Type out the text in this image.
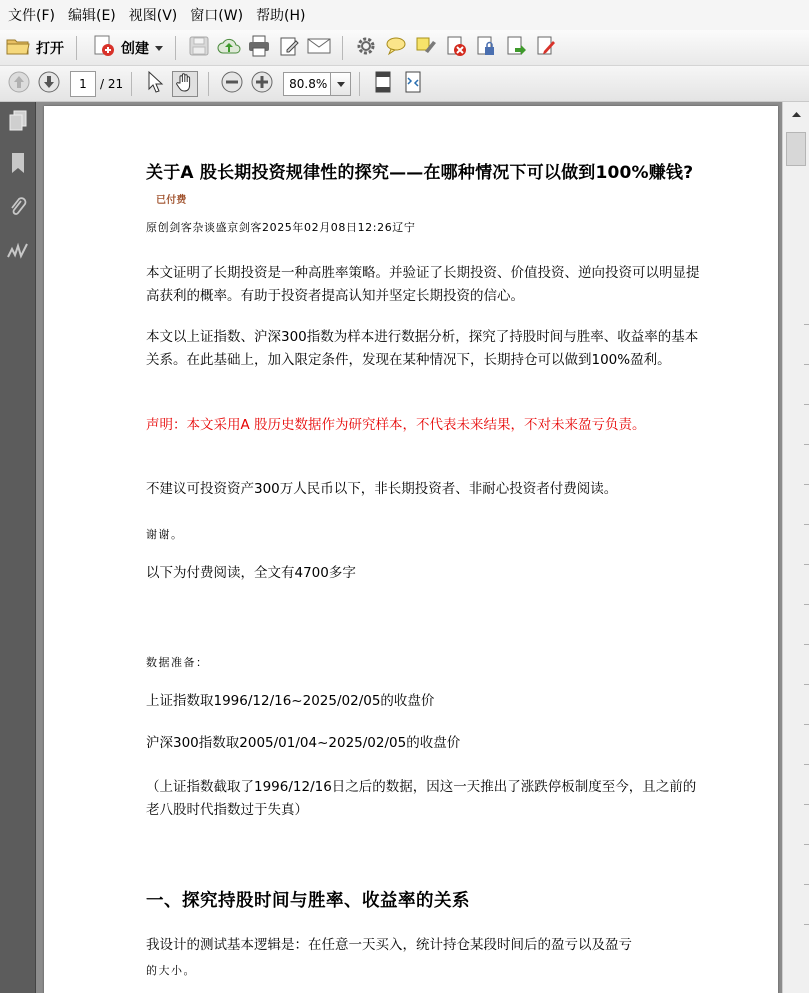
文件(F) 编辑(E) 视图(V) 窗口(W) 帮助(H)
打开	创建
1	/ 21	80.8%
关于A 股长期投资规律性的探究——在哪种情况下可以做到100%赚钱?已付费
原创剑客杂谈盛京剑客2025年02月08日12:26辽宁
本文证明了长期投资是一种高胜率策略。并验证了长期投资、价值投资、逆向投资可以明显提高获利的概率。有助于投资者提高认知并坚定长期投资的信心。
本文以上证指数、沪深300指数为样本进行数据分析，探究了持股时间与胜率、收益率的基本关系。在此基础上，加入限定条件，发现在某种情况下，长期持仓可以做到100%盈利。
声明：本文采用A 股历史数据作为研究样本，不代表未来结果，不对未来盈亏负责。
不建议可投资资产300万人民币以下，非长期投资者、非耐心投资者付费阅读。
谢谢。
以下为付费阅读，全文有4700多字
数据准备：
上证指数取1996/12/16~2025/02/05的收盘价
沪深300指数取2005/01/04~2025/02/05的收盘价
（上证指数截取了1996/12/16日之后的数据，因这一天推出了涨跌停板制度至今，且之前的老八股时代指数过于失真）
一、探究持股时间与胜率、收益率的关系
我设计的测试基本逻辑是：在任意一天买入，统计持仓某段时间后的盈亏以及盈亏
的大小。
